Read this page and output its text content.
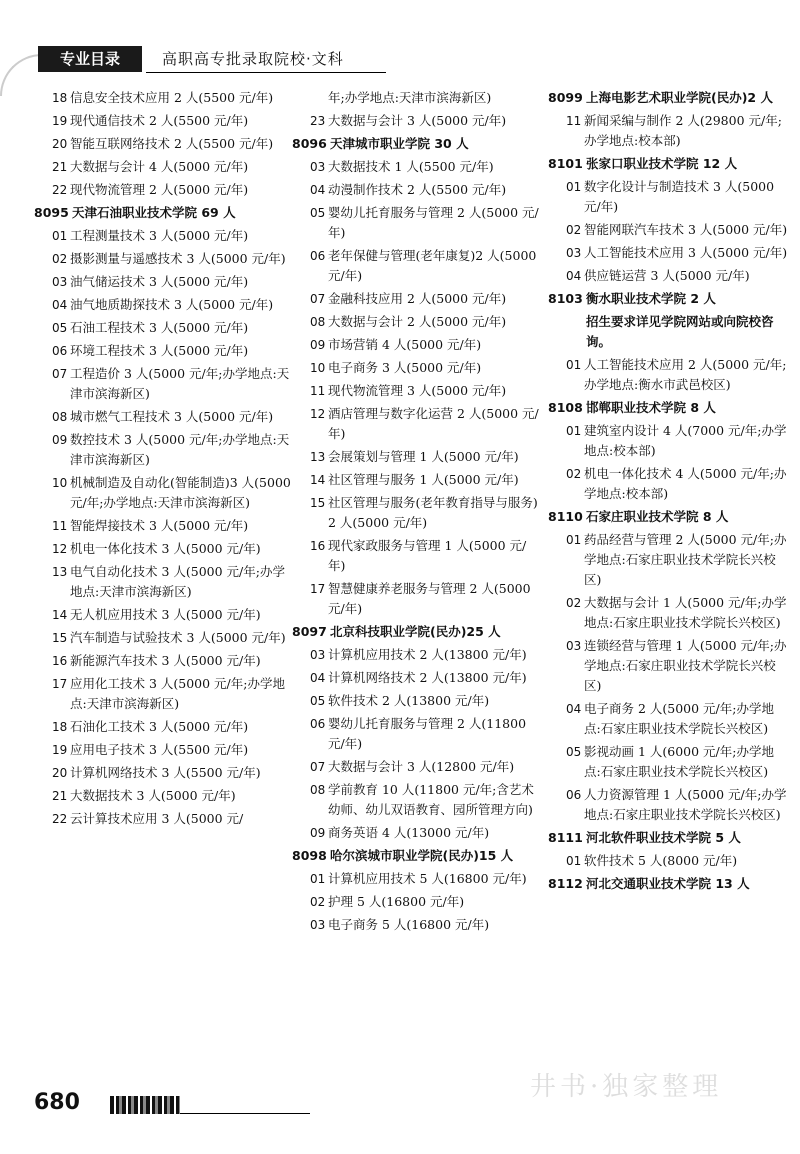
专业目录	高职高专批录取院校·文科
18 信息安全技术应用 2 人(5500 元/年)
19 现代通信技术 2 人(5500 元/年)
20 智能互联网络技术 2 人(5500 元/年)
21 大数据与会计 4 人(5000 元/年)
22 现代物流管理 2 人(5000 元/年)
8095 天津石油职业技术学院 69 人
01 工程测量技术 3 人(5000 元/年)
02 摄影测量与遥感技术 3 人(5000 元/年)
03 油气储运技术 3 人(5000 元/年)
04 油气地质勘探技术 3 人(5000 元/年)
05 石油工程技术 3 人(5000 元/年)
06 环境工程技术 3 人(5000 元/年)
07 工程造价 3 人(5000 元/年;办学地点:天津市滨海新区)
08 城市燃气工程技术 3 人(5000 元/年)
09 数控技术 3 人(5000 元/年;办学地点:天津市滨海新区)
10 机械制造及自动化(智能制造)3 人(5000 元/年;办学地点:天津市滨海新区)
11 智能焊接技术 3 人(5000 元/年)
12 机电一体化技术 3 人(5000 元/年)
13 电气自动化技术 3 人(5000 元/年;办学地点:天津市滨海新区)
14 无人机应用技术 3 人(5000 元/年)
15 汽车制造与试验技术 3 人(5000 元/年)
16 新能源汽车技术 3 人(5000 元/年)
17 应用化工技术 3 人(5000 元/年;办学地点:天津市滨海新区)
18 石油化工技术 3 人(5000 元/年)
19 应用电子技术 3 人(5500 元/年)
20 计算机网络技术 3 人(5500 元/年)
21 大数据技术 3 人(5000 元/年)
22 云计算技术应用 3 人(5000 元/
年;办学地点:天津市滨海新区)
23 大数据与会计 3 人(5000 元/年)
8096 天津城市职业学院 30 人
03 大数据技术 1 人(5500 元/年)
04 动漫制作技术 2 人(5500 元/年)
05 婴幼儿托育服务与管理 2 人(5000 元/年)
06 老年保健与管理(老年康复)2 人(5000 元/年)
07 金融科技应用 2 人(5000 元/年)
08 大数据与会计 2 人(5000 元/年)
09 市场营销 4 人(5000 元/年)
10 电子商务 3 人(5000 元/年)
11 现代物流管理 3 人(5000 元/年)
12 酒店管理与数字化运营 2 人(5000 元/年)
13 会展策划与管理 1 人(5000 元/年)
14 社区管理与服务 1 人(5000 元/年)
15 社区管理与服务(老年教育指导与服务)2 人(5000 元/年)
16 现代家政服务与管理 1 人(5000 元/年)
17 智慧健康养老服务与管理 2 人(5000 元/年)
8097 北京科技职业学院(民办)25 人
03 计算机应用技术 2 人(13800 元/年)
04 计算机网络技术 2 人(13800 元/年)
05 软件技术 2 人(13800 元/年)
06 婴幼儿托育服务与管理 2 人(11800 元/年)
07 大数据与会计 3 人(12800 元/年)
08 学前教育 10 人(11800 元/年;含艺术幼师、幼儿双语教育、园所管理方向)
09 商务英语 4 人(13000 元/年)
8098 哈尔滨城市职业学院(民办)15 人
01 计算机应用技术 5 人(16800 元/年)
02 护理 5 人(16800 元/年)
03 电子商务 5 人(16800 元/年)
8099 上海电影艺术职业学院(民办)2 人
11 新闻采编与制作 2 人(29800 元/年;办学地点:校本部)
8101 张家口职业技术学院 12 人
01 数字化设计与制造技术 3 人(5000 元/年)
02 智能网联汽车技术 3 人(5000 元/年)
03 人工智能技术应用 3 人(5000 元/年)
04 供应链运营 3 人(5000 元/年)
8103 衡水职业技术学院 2 人
招生要求详见学院网站或向院校咨询。
01 人工智能技术应用 2 人(5000 元/年;办学地点:衡水市武邑校区)
8108 邯郸职业技术学院 8 人
01 建筑室内设计 4 人(7000 元/年;办学地点:校本部)
02 机电一体化技术 4 人(5000 元/年;办学地点:校本部)
8110 石家庄职业技术学院 8 人
01 药品经营与管理 2 人(5000 元/年;办学地点:石家庄职业技术学院长兴校区)
02 大数据与会计 1 人(5000 元/年;办学地点:石家庄职业技术学院长兴校区)
03 连锁经营与管理 1 人(5000 元/年;办学地点:石家庄职业技术学院长兴校区)
04 电子商务 2 人(5000 元/年;办学地点:石家庄职业技术学院长兴校区)
05 影视动画 1 人(6000 元/年;办学地点:石家庄职业技术学院长兴校区)
06 人力资源管理 1 人(5000 元/年;办学地点:石家庄职业技术学院长兴校区)
8111 河北软件职业技术学院 5 人
01 软件技术 5 人(8000 元/年)
8112 河北交通职业技术学院 13 人
680
井书·独家整理
